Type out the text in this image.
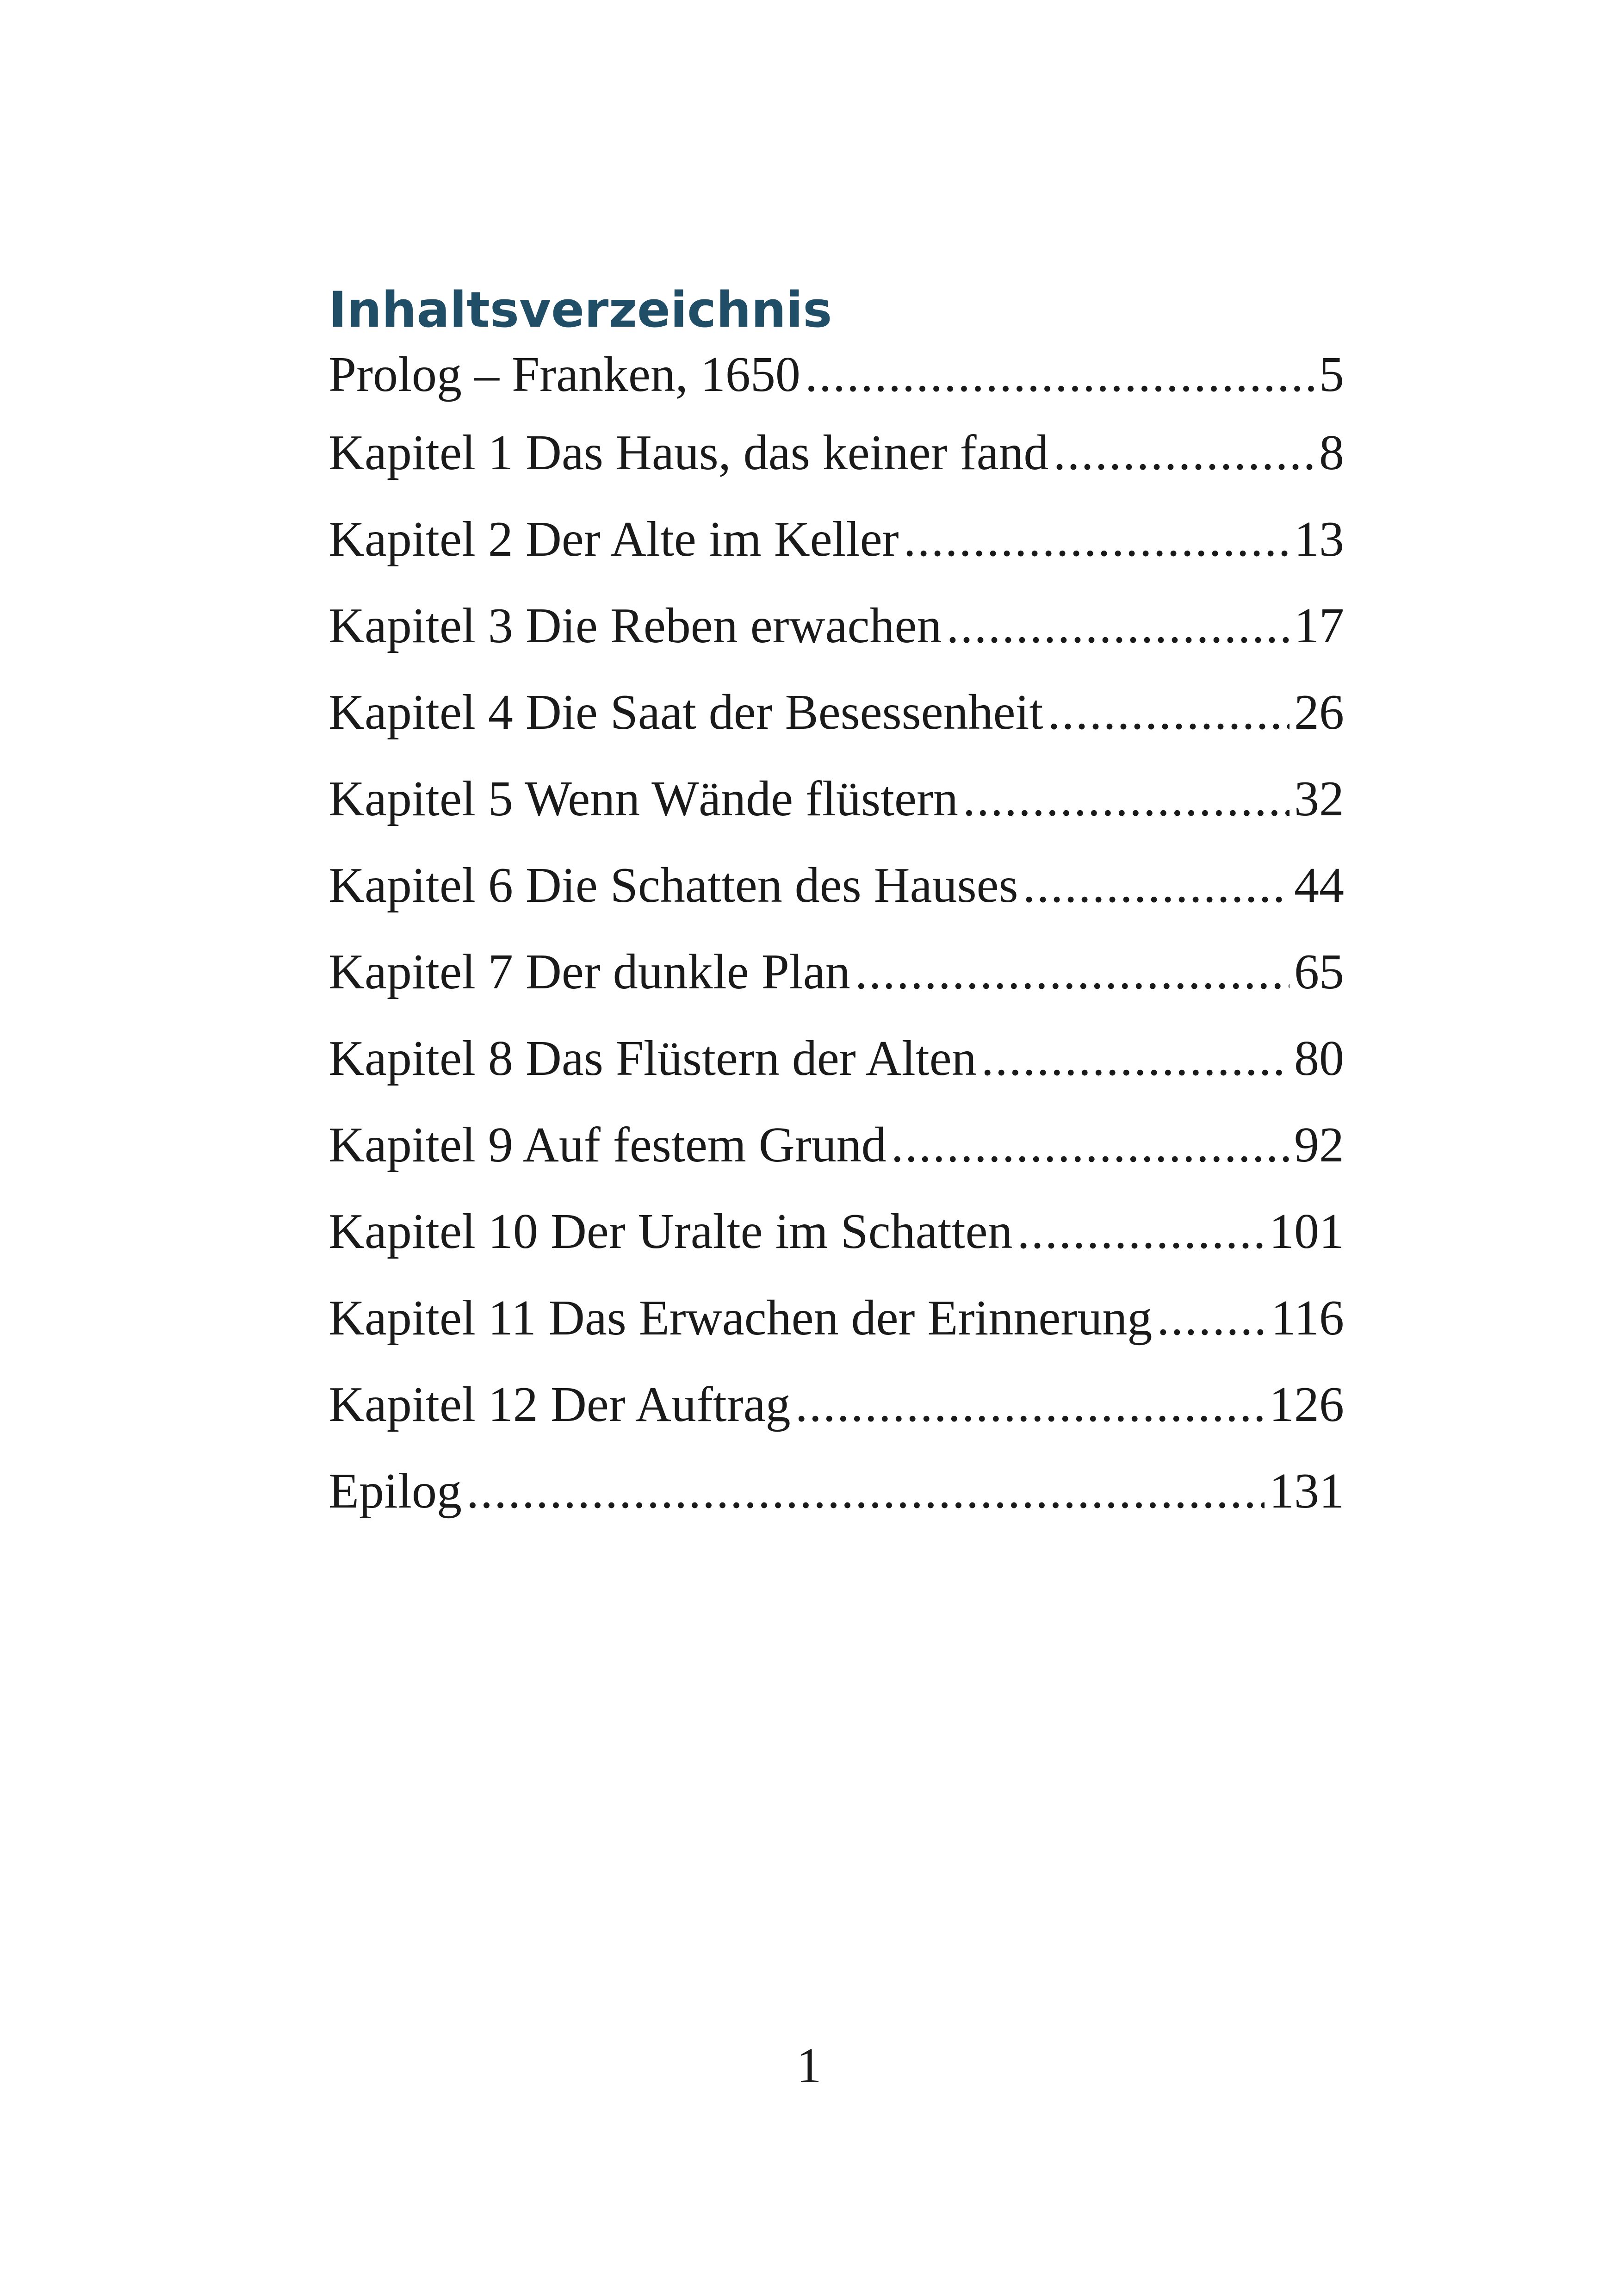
Inhaltsverzeichnis
Prolog – Franken, 1650 .....	5
Kapitel 1 Das Haus, das keiner fand .....	8
Kapitel 2 Der Alte im Keller .....	13
Kapitel 3 Die Reben erwachen .....	17
Kapitel 4 Die Saat der Besessenheit .....	26
Kapitel 5 Wenn Wände flüstern .....	32
Kapitel 6 Die Schatten des Hauses .....	44
Kapitel 7 Der dunkle Plan .....	65
Kapitel 8 Das Flüstern der Alten .....	80
Kapitel 9 Auf festem Grund .....	92
Kapitel 10 Der Uralte im Schatten .....	101
Kapitel 11 Das Erwachen der Erinnerung ..... 116
Kapitel 12 Der Auftrag .....	126
Epilog .....	131
1
